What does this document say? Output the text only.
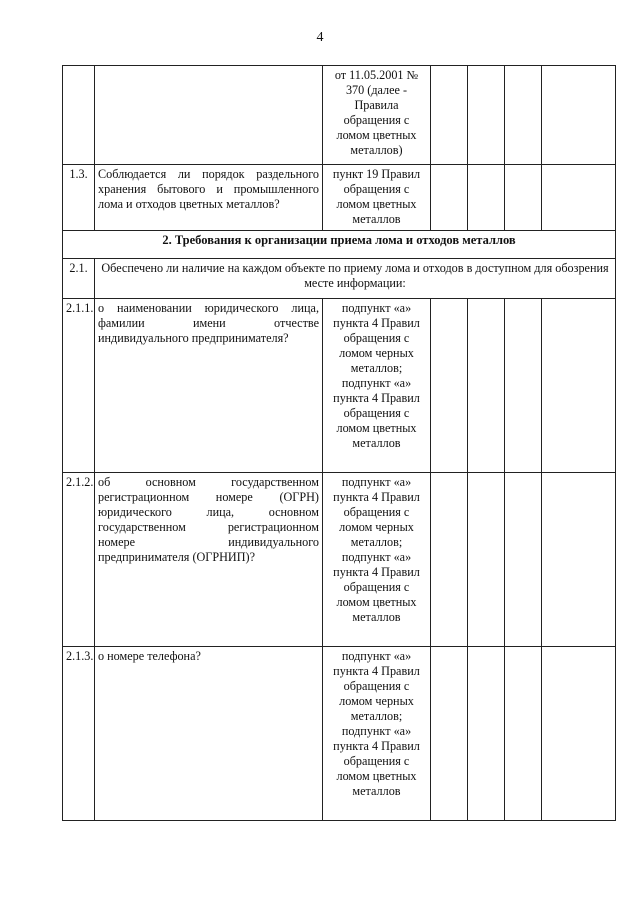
4
		от 11.05.2001 № 370 (далее - Правила обращения с ломом цветных металлов)				
1.3.	Соблюдается ли порядок раздельного хранения бытового и промышленного лома и отходов цветных металлов?	пункт 19 Правил обращения с ломом цветных металлов				
2. Требования к организации приема лома и отходов металлов						
2.1.	Обеспечено ли наличие на каждом объекте по приему лома и отходов в доступном для обозрения месте информации:					
2.1.1.	о наименовании юридического лица, фамилии имени отчестве индивидуального предпринимателя?	подпункт «а» пункта 4 Правил обращения с ломом черных металлов; подпункт «а» пункта 4 Правил обращения с ломом цветных металлов				
2.1.2.	об основном государственном регистрационном номере (ОГРН) юридического лица, основном государственном регистрационном номере индивидуального предпринимателя (ОГРНИП)?	подпункт «а» пункта 4 Правил обращения с ломом черных металлов; подпункт «а» пункта 4 Правил обращения с ломом цветных металлов				
2.1.3.	о номере телефона?	подпункт «а» пункта 4 Правил обращения с ломом черных металлов; подпункт «а» пункта 4 Правил обращения с ломом цветных металлов				
